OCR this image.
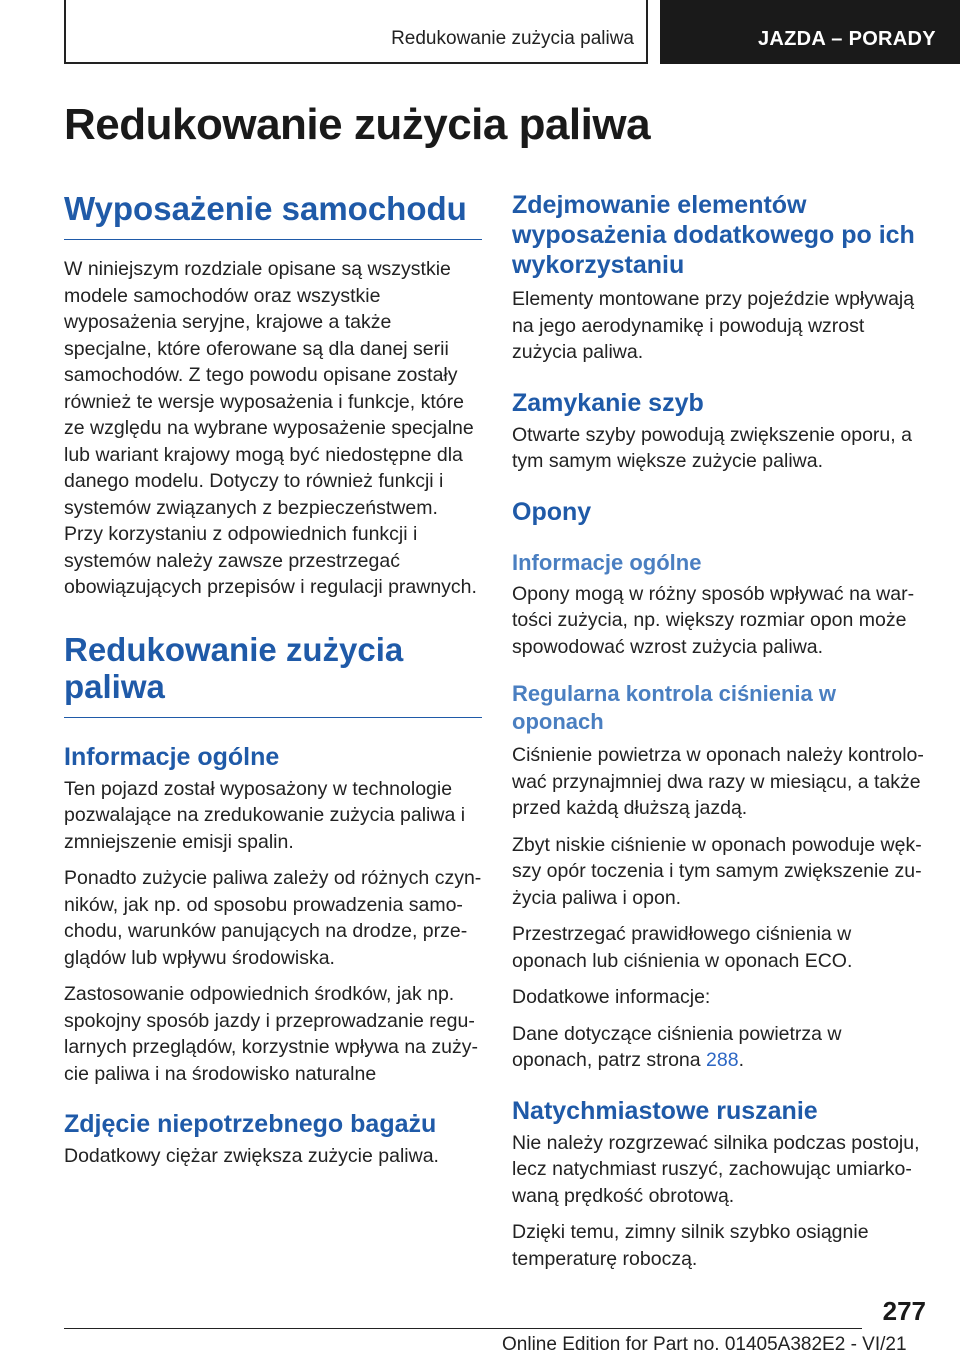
Redukowanie zużycia paliwa	JAZDA – PORADY
Redukowanie zużycia paliwa
Wyposażenie samochodu

W niniejszym rozdziale opisane są wszystkie modele samochodów oraz wszystkie wyposażenia seryjne, krajowe a także specjalne, które oferowane są dla danej serii samochodów. Z tego powodu opisane zostały również te wersje wyposażenia i funkcje, które ze względu na wybrane wyposażenie specjalne lub wariant krajowy mogą być niedostępne dla danego modelu. Dotyczy to również funkcji i systemów związanych z bezpieczeństwem. Przy korzystaniu z odpowiednich funkcji i systemów należy zawsze przestrzegać obowiązujących przepisów i regulacji prawnych.

Redukowanie zużycia paliwa
Informacje ogólne

Ten pojazd został wyposażony w technologie pozwalające na zredukowanie zużycia paliwa i zmniejszenie emisji spalin.

Ponadto zużycie paliwa zależy od różnych czynników, jak np. od sposobu prowadzenia samochodu, warunków panujących na drodze, przeglądów lub wpływu środowiska.

Zastosowanie odpowiednich środków, jak np. spokojny sposób jazdy i przeprowadzanie regularnych przeglądów, korzystnie wpływa na zużycie paliwa i na środowisko naturalne

Zdjęcie niepotrzebnego bagażu

Dodatkowy ciężar zwiększa zużycie paliwa.

Zdejmowanie elementów wyposażenia dodatkowego po ich wykorzystaniu

Elementy montowane przy pojeździe wpływają na jego aerodynamikę i powodują wzrost zużycia paliwa.

Zamykanie szyb

Otwarte szyby powodują zwiększenie oporu, a tym samym większe zużycie paliwa.

Opony
Informacje ogólne

Opony mogą w różny sposób wpływać na wartości zużycia, np. większy rozmiar opon może spowodować wzrost zużycia paliwa.

Regularna kontrola ciśnienia w oponach

Ciśnienie powietrza w oponach należy kontrolować przynajmniej dwa razy w miesiącu, a także przed każdą dłuższą jazdą.

Zbyt niskie ciśnienie w oponach powoduje wększy opór toczenia i tym samym zwiększenie zużycia paliwa i opon.

Przestrzegać prawidłowego ciśnienia w oponach lub ciśnienia w oponach ECO.

Dodatkowe informacje:

Dane dotyczące ciśnienia powietrza w oponach, patrz strona 288.

Natychmiastowe ruszanie

Nie należy rozgrzewać silnika podczas postoju, lecz natychmiast ruszyć, zachowując umiarkowaną prędkość obrotową.

Dzięki temu, zimny silnik szybko osiągnie temperaturę roboczą.

277
Online Edition for Part no. 01405A382E2 - VI/21
